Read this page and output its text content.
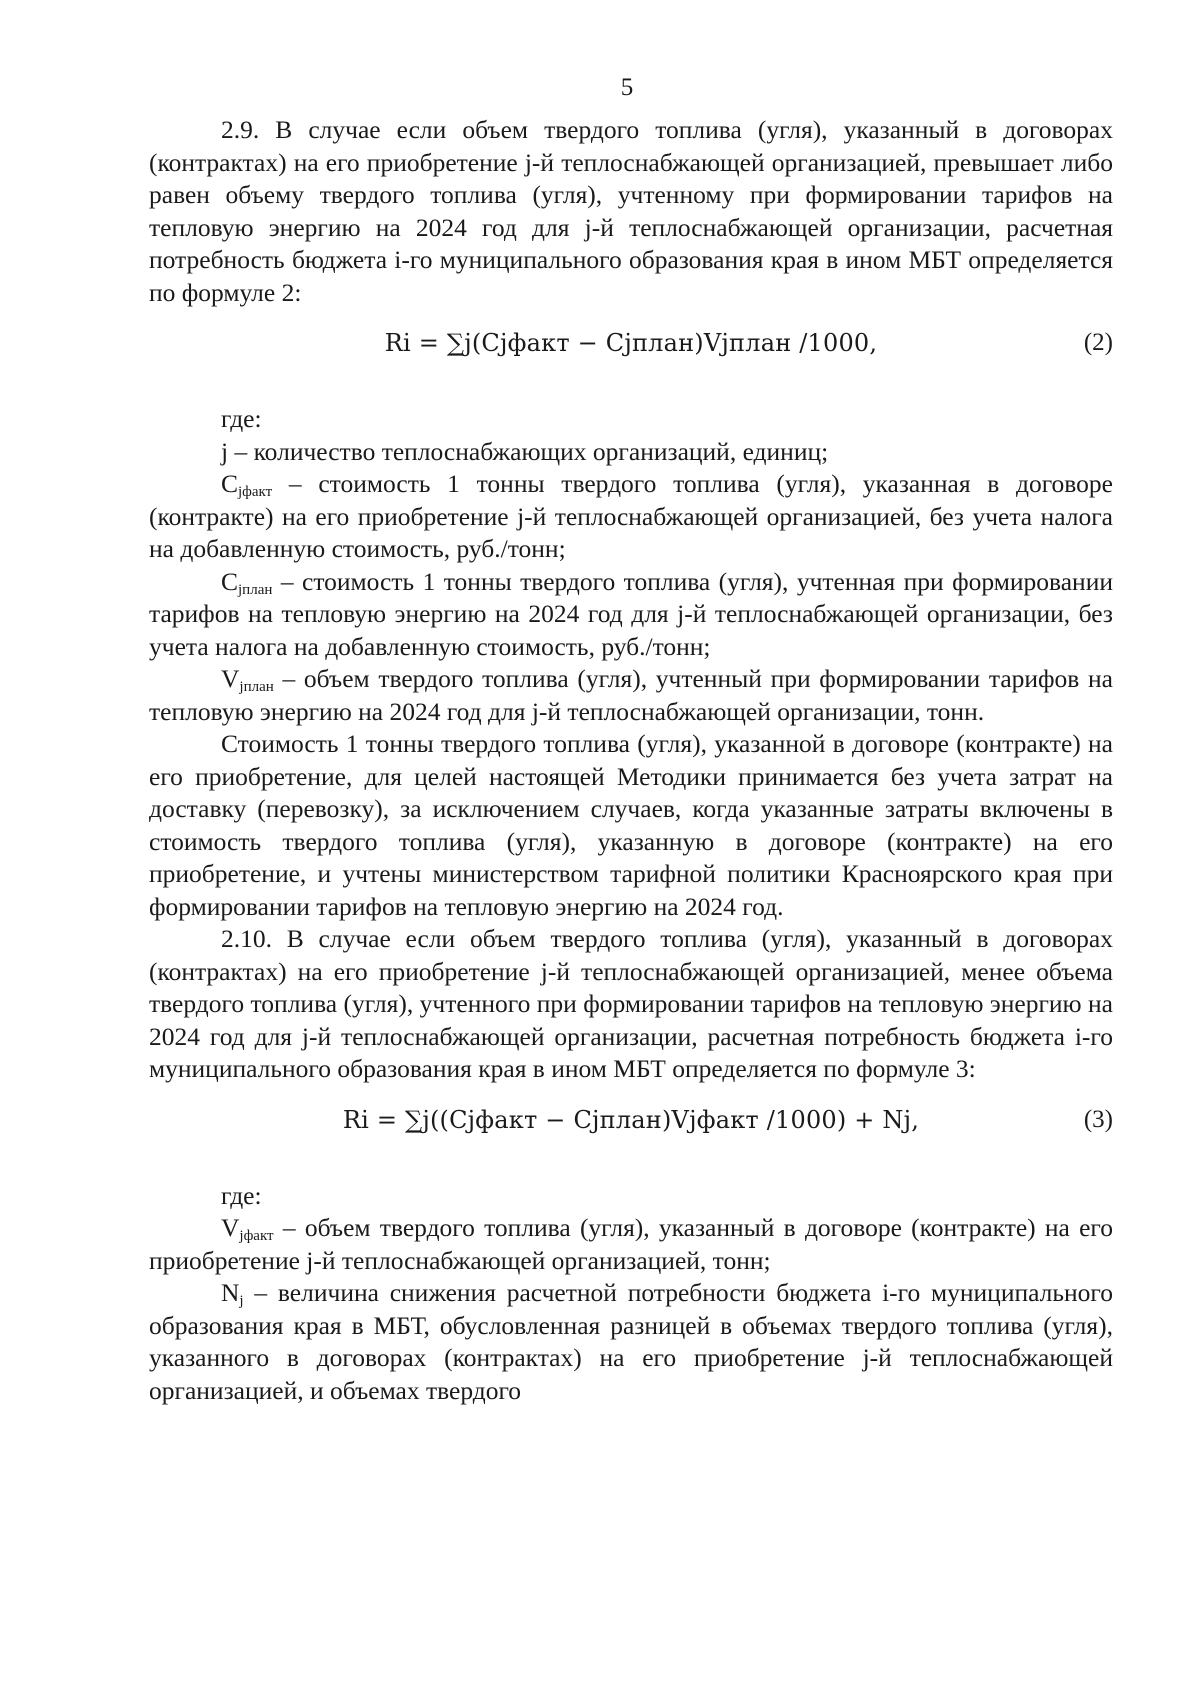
5

2.9. В случае если объем твердого топлива (угля), указанный в договорах (контрактах) на его приобретение j-й теплоснабжающей организацией, превышает либо равен объему твердого топлива (угля), учтенному при формировании тарифов на тепловую энергию на 2024 год для j-й теплоснабжающей организации, расчетная потребность бюджета i-го муниципального образования края в ином МБТ определяется по формуле 2:

Ri = ∑j(Cjфакт − Cjплан)Vjплан /1000,	(2)

где:

j – количество теплоснабжающих организаций, единиц;

$C_{jфакт}$ – стоимость 1 тонны твердого топлива (угля), указанная в договоре (контракте) на его приобретение j-й теплоснабжающей организацией, без учета налога на добавленную стоимость, руб./тонн;

$C_{jплан}$ – стоимость 1 тонны твердого топлива (угля), учтенная при формировании тарифов на тепловую энергию на 2024 год для j-й теплоснабжающей организации, без учета налога на добавленную стоимость, руб./тонн;

$V_{jплан}$ – объем твердого топлива (угля), учтенный при формировании тарифов на тепловую энергию на 2024 год для j-й теплоснабжающей организации, тонн.

Стоимость 1 тонны твердого топлива (угля), указанной в договоре (контракте) на его приобретение, для целей настоящей Методики принимается без учета затрат на доставку (перевозку), за исключением случаев, когда указанные затраты включены в стоимость твердого топлива (угля), указанную в договоре (контракте) на его приобретение, и учтены министерством тарифной политики Красноярского края при формировании тарифов на тепловую энергию на 2024 год.

2.10. В случае если объем твердого топлива (угля), указанный в договорах (контрактах) на его приобретение j-й теплоснабжающей организацией, менее объема твердого топлива (угля), учтенного при формировании тарифов на тепловую энергию на 2024 год для j-й теплоснабжающей организации, расчетная потребность бюджета i-го муниципального образования края в ином МБТ определяется по формуле 3:

Ri = ∑j((Cjфакт − Cjплан)Vjфакт /1000) + Nj,	(3)

где:

$V_{jфакт}$ – объем твердого топлива (угля), указанный в договоре (контракте) на его приобретение j-й теплоснабжающей организацией, тонн;

$N_j$ – величина снижения расчетной потребности бюджета i-го муниципального образования края в МБТ, обусловленная разницей в объемах твердого топлива (угля), указанного в договорах (контрактах) на его приобретение j-й теплоснабжающей организацией, и объемах твердого
